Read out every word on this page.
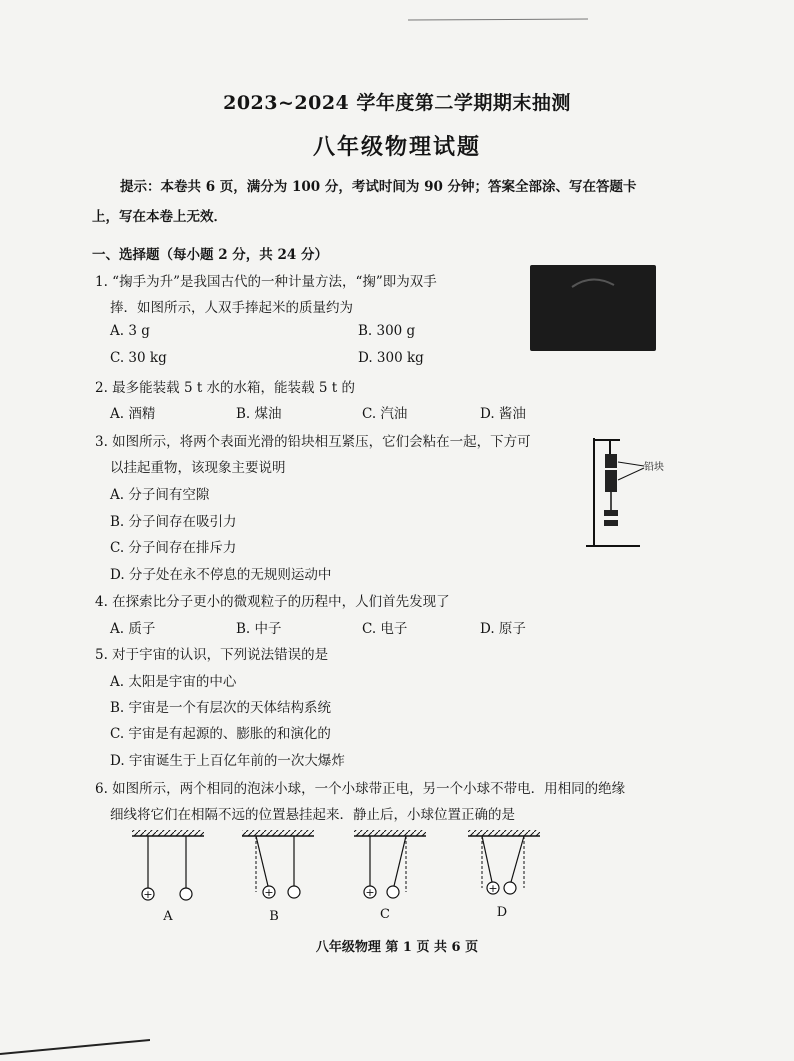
2023~2024 学年度第二学期期末抽测
八年级物理试题
提示：本卷共 6 页，满分为 100 分，考试时间为 90 分钟；答案全部涂、写在答题卡
上，写在本卷上无效．
一、选择题（每小题 2 分，共 24 分）
1. “掬手为升”是我国古代的一种计量方法，“掬”即为双手
捧．如图所示，人双手捧起米的质量约为
A. 3 g	B. 300 g
C. 30 kg	D. 300 kg
2. 最多能装载 5 t 水的水箱，能装载 5 t 的
A. 酒精	B. 煤油	C. 汽油	D. 酱油
3. 如图所示，将两个表面光滑的铅块相互紧压，它们会粘在一起，下方可
以挂起重物，该现象主要说明
A. 分子间有空隙
B. 分子间存在吸引力
C. 分子间存在排斥力
D. 分子处在永不停息的无规则运动中
铅块
4. 在探索比分子更小的微观粒子的历程中，人们首先发现了
A. 质子	B. 中子	C. 电子	D. 原子
5. 对于宇宙的认识，下列说法错误的是
A. 太阳是宇宙的中心
B. 宇宙是一个有层次的天体结构系统
C. 宇宙是有起源的、膨胀的和演化的
D. 宇宙诞生于上百亿年前的一次大爆炸
6. 如图所示，两个相同的泡沫小球，一个小球带正电，另一个小球不带电．用相同的绝缘
细线将它们在相隔不远的位置悬挂起来．静止后，小球位置正确的是
+
A
+
B
+
C
+
D
八年级物理 第 1 页 共 6 页
